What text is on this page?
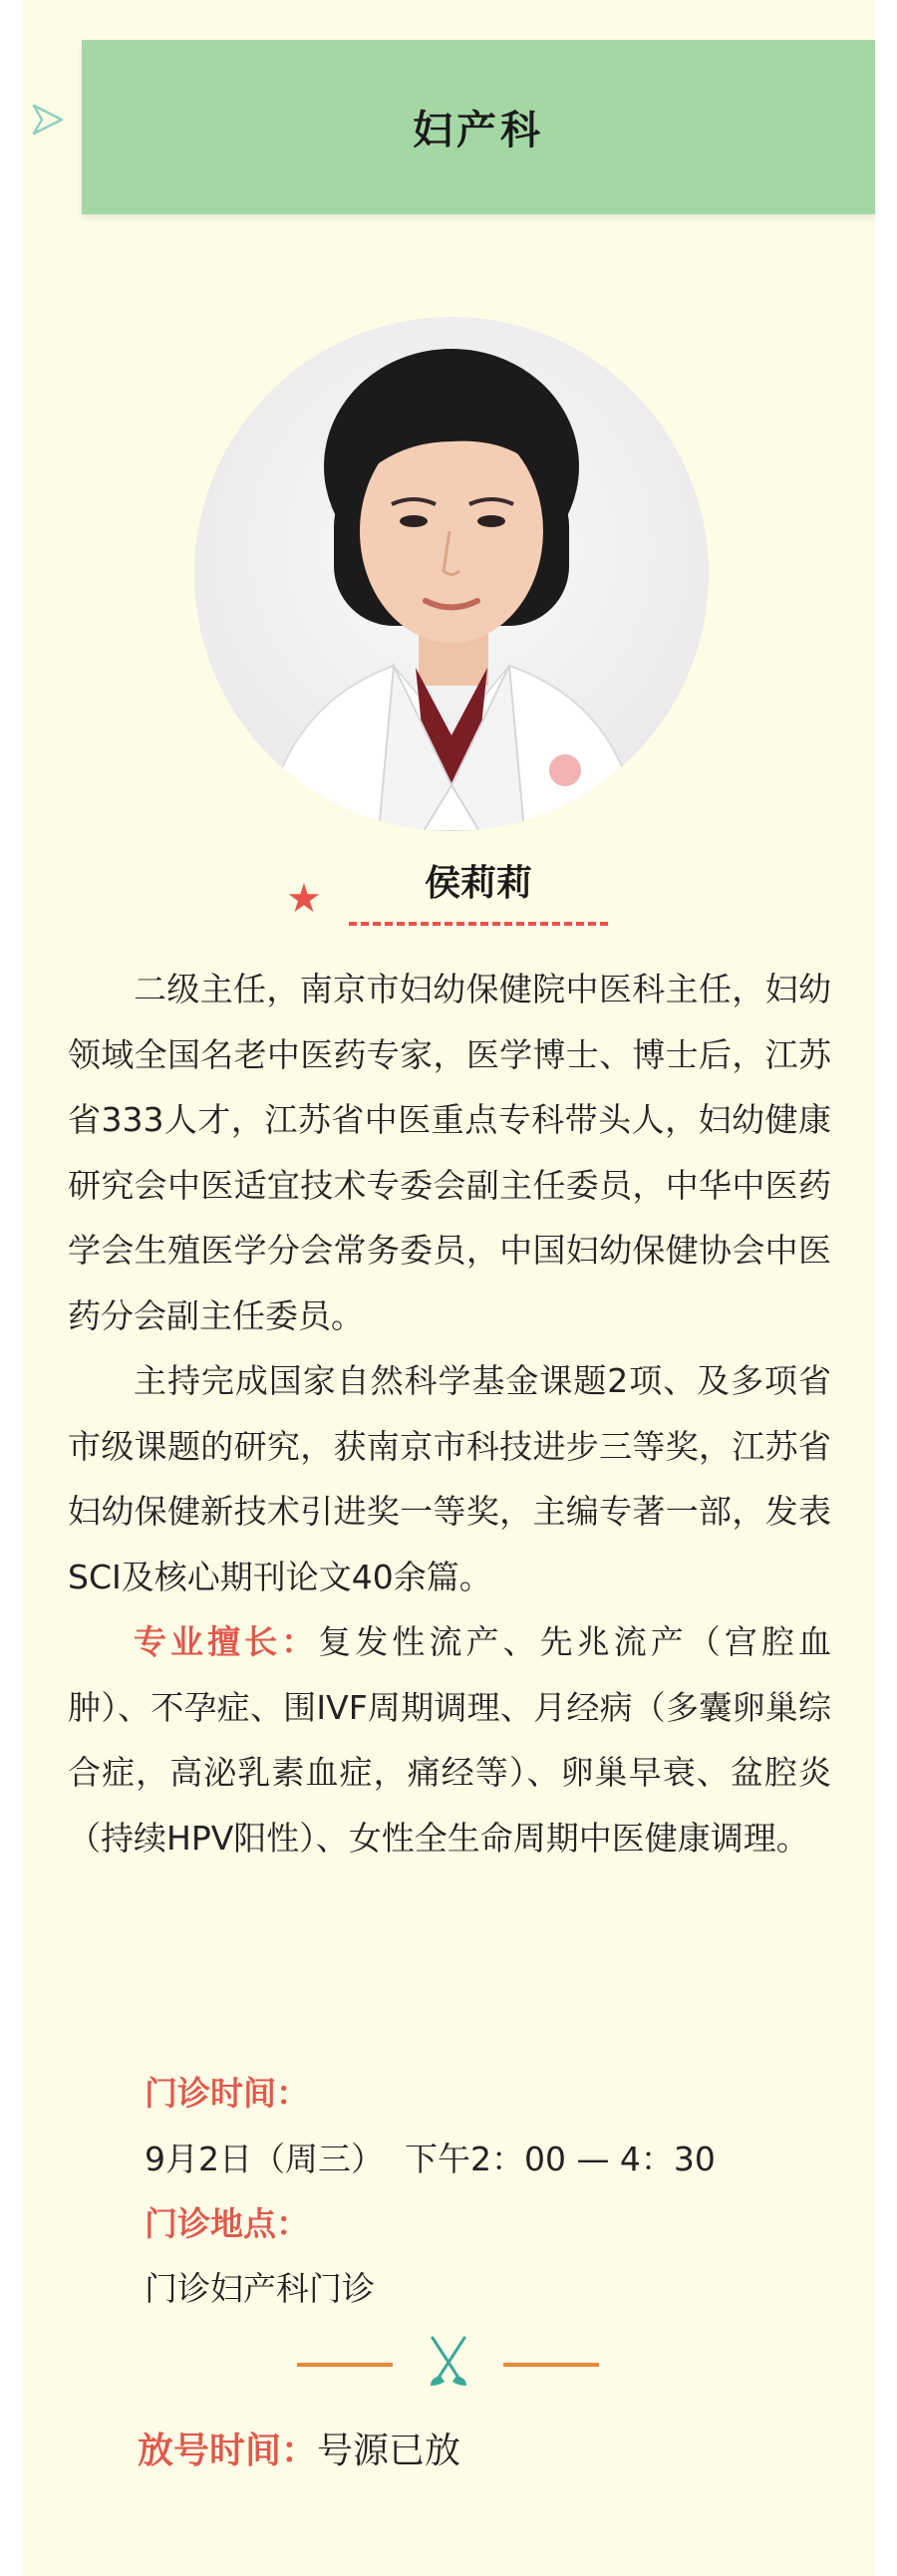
妇产科
★	侯莉莉

二级主任，南京市妇幼保健院中医科主任，妇幼领域全国名老中医药专家，医学博士、博士后，江苏省333人才，江苏省中医重点专科带头人，妇幼健康研究会中医适宜技术专委会副主任委员，中华中医药学会生殖医学分会常务委员，中国妇幼保健协会中医药分会副主任委员。

主持完成国家自然科学基金课题2项、及多项省市级课题的研究，获南京市科技进步三等奖，江苏省妇幼保健新技术引进奖一等奖，主编专著一部，发表SCI及核心期刊论文40余篇。

专业擅长：复发性流产、先兆流产（宫腔血肿）、不孕症、围IVF周期调理、月经病（多囊卵巢综合症，高泌乳素血症，痛经等）、卵巢早衰、盆腔炎（持续HPV阳性）、女性全生命周期中医健康调理。

门诊时间：
9月2日（周三）  下午2：00 — 4：30
门诊地点：
门诊妇产科门诊
放号时间：号源已放
